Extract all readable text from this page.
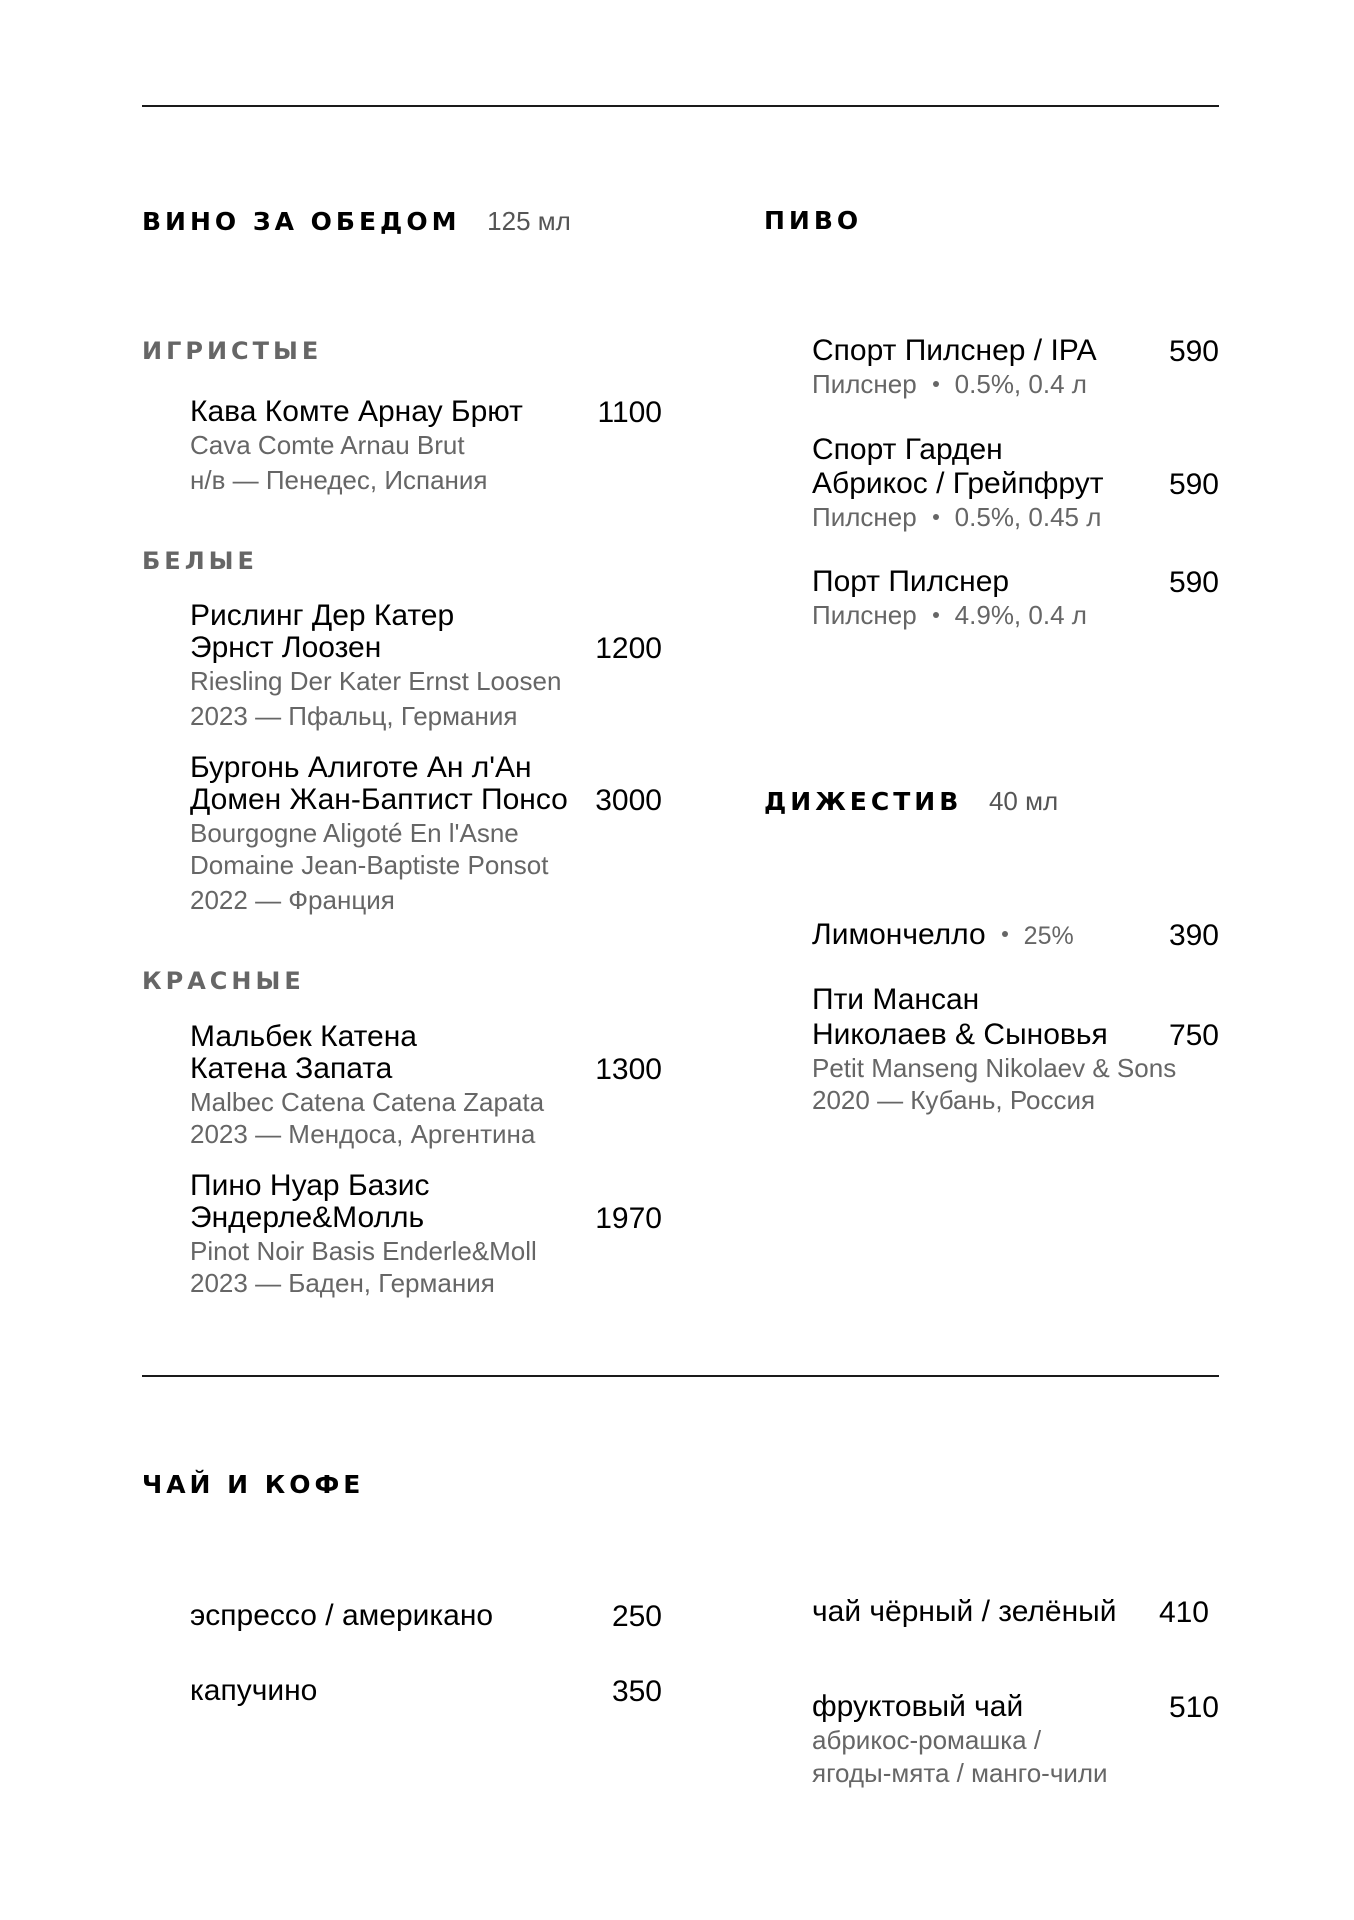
ВИНО ЗА ОБЕДОМ 125 мл
ИГРИСТЫЕ
Кава Комте Арнау Брют 1100
Cava Comte Arnau Brut
н/в — Пенедес, Испания
БЕЛЫЕ
Рислинг Дер Катер
Эрнст Лоозен	1200
Riesling Der Kater Ernst Loosen
2023 — Пфальц, Германия
Бургонь Алиготе Ан л'Ан
Домен Жан-Баптист Понсо 3000
Bourgogne Aligoté En l'Asne
Domaine Jean-Baptiste Ponsot
2022 — Франция
КРАСНЫЕ
Мальбек Катена
Катена Запата	1300
Malbec Catena Catena Zapata
2023 — Мендоса, Аргентина
Пино Нуар Базис
Эндерле&Молль	1970
Pinot Noir Basis Enderle&Moll
2023 — Баден, Германия
ПИВО
Спорт Пилснер / IPA 590
Пилснер 0.5%, 0.4 л
Спорт Гарден
Абрикос / Грейпфрут 590
Пилснер 0.5%, 0.45 л
Порт Пилснер	590
Пилснер 4.9%, 0.4 л
ДИЖЕСТИВ 40 мл
Лимончелло 25%	390
Пти Мансан
Николаев & Сыновья 750
Petit Manseng Nikolaev & Sons
2020 — Кубань, Россия
ЧАЙ И КОФЕ
эспрессо / американо	250
капучино	350
чай чёрный / зелёный 410
фруктовый чай	510
абрикос-ромашка /
ягоды-мята / манго-чили
